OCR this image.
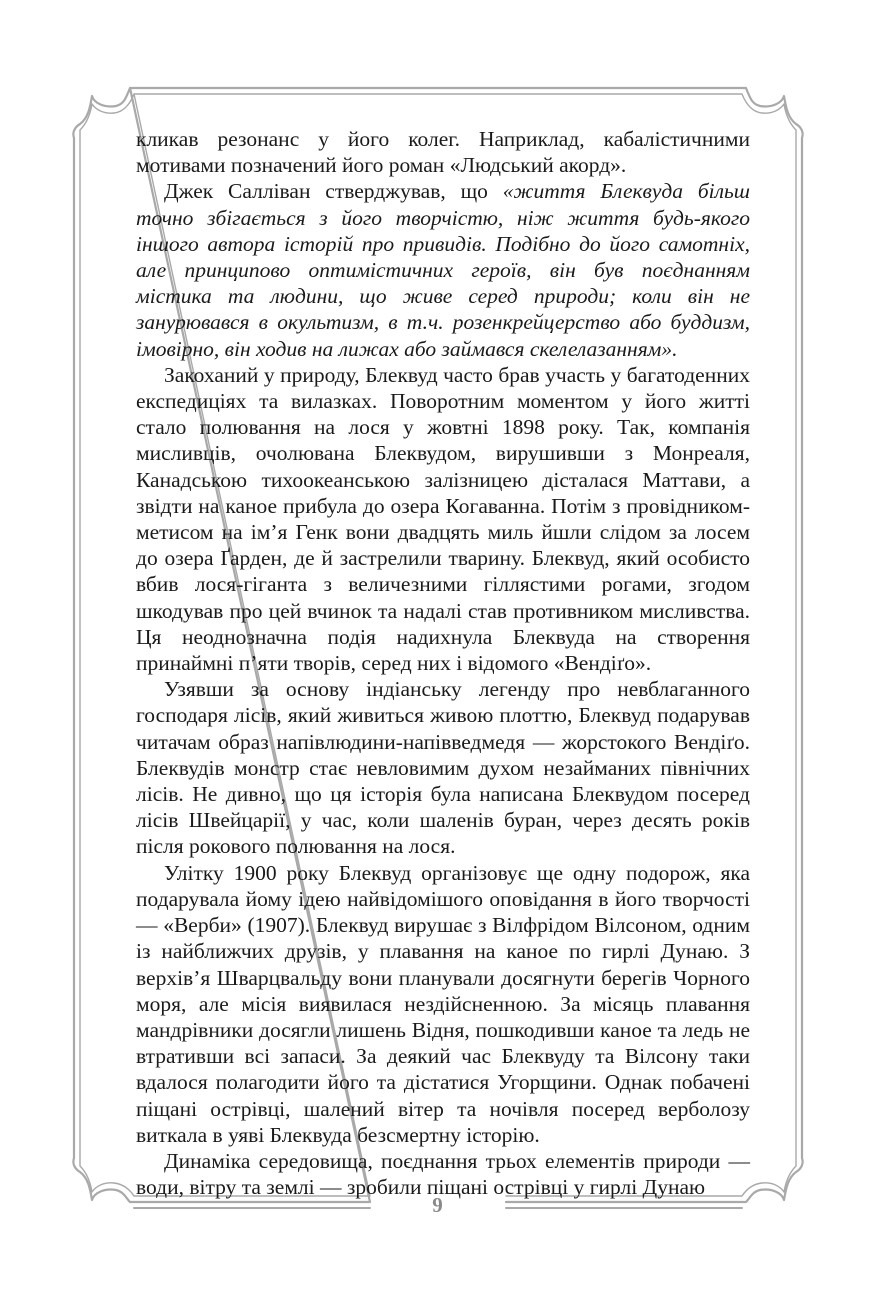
кликав резонанс у його колег. Наприклад, кабалістичними мотивами позначений його роман «Людський акорд».

Джек Салліван стверджував, що «життя Блеквуда більш точно збігається з його творчістю, ніж життя будь-якого іншого автора історій про привидів. Подібно до його самотніх, але принципово оптимістичних героїв, він був поєднанням містика та людини, що живе серед природи; коли він не занурювався в окультизм, в т.ч. розенкрейцерство або буддизм, імовірно, він ходив на лижах або займався скелелазанням».

Закоханий у природу, Блеквуд часто брав участь у багатоденних експедиціях та вилазках. Поворотним моментом у його житті стало полювання на лося у жовтні 1898 року. Так, компанія мисливців, очолювана Блеквудом, вирушивши з Монреаля, Канадською тихоокеанською залізницею дісталася Маттави, а звідти на каное прибула до озера Когаванна. Потім з провідником-метисом на ім’я Генк вони двадцять миль йшли слідом за лосем до озера Ґарден, де й застрелили тварину. Блеквуд, який особисто вбив лося-гіганта з величезними гіллястими рогами, згодом шкодував про цей вчинок та надалі став противником мисливства. Ця неоднозначна подія надихнула Блеквуда на створення принаймні п’яти творів, серед них і відомого «Вендіґо».

Узявши за основу індіанську легенду про невблаганного господаря лісів, який живиться живою плоттю, Блеквуд подарував читачам образ напівлюдини-напівведмедя — жорстокого Вендіґо. Блеквудів монстр стає невловимим духом незайманих північних лісів. Не дивно, що ця історія була написана Блеквудом посеред лісів Швейцарії, у час, коли шаленів буран, через десять років після рокового полювання на лося.

Улітку 1900 року Блеквуд організовує ще одну подорож, яка подарувала йому ідею найвідомішого оповідання в його творчості — «Верби» (1907). Блеквуд вирушає з Вілфрідом Вілсоном, одним із найближчих друзів, у плавання на каное по гирлі Дунаю. З верхів’я Шварцвальду вони планували досягнути берегів Чорного моря, але місія виявилася нездійсненною. За місяць плавання мандрівники досягли лишень Відня, пошкодивши каное та ледь не втративши всі запаси. За деякий час Блеквуду та Вілсону таки вдалося полагодити його та дістатися Угорщини. Однак побачені піщані острівці, шалений вітер та ночівля посеред верболозу виткала в уяві Блеквуда безсмертну історію.

Динаміка середовища, поєднання трьох елементів природи — води, вітру та землі — зробили піщані острівці у гирлі Дунаю

9
